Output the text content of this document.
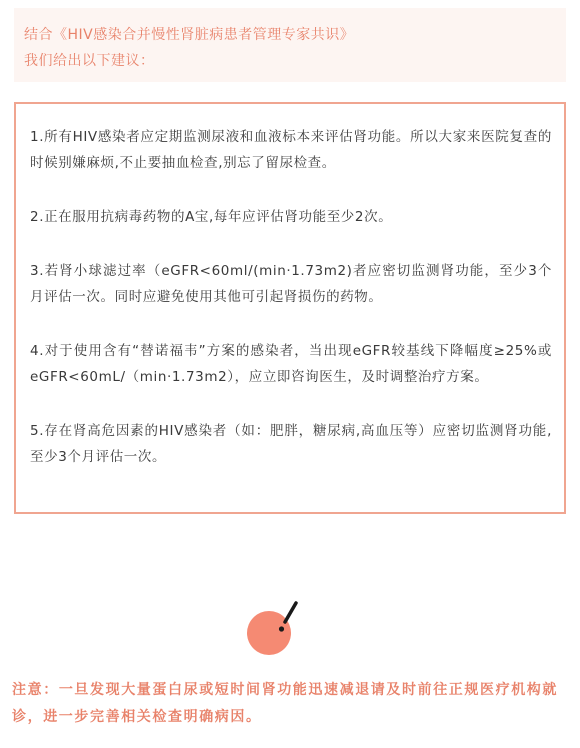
结合《HIV感染合并慢性肾脏病患者管理专家共识》
我们给出以下建议：

1.所有HIV感染者应定期监测尿液和血液标本来评估肾功能。所以大家来医院复查的时候别嫌麻烦,不止要抽血检查,别忘了留尿检查。

2.正在服用抗病毒药物的A宝,每年应评估肾功能至少2次。

3.若肾小球滤过率（eGFR<60ml/(min·1.73m2)者应密切监测肾功能，至少3个月评估一次。同时应避免使用其他可引起肾损伤的药物。

4.对于使用含有“替诺福韦”方案的感染者，当出现eGFR较基线下降幅度≥25%或eGFR<60mL/（min·1.73m2），应立即咨询医生，及时调整治疗方案。

5.存在肾高危因素的HIV感染者（如：肥胖，糖尿病,高血压等）应密切监测肾功能,至少3个月评估一次。

注意：一旦发现大量蛋白尿或短时间肾功能迅速减退请及时前往正规医疗机构就诊，进一步完善相关检查明确病因。
